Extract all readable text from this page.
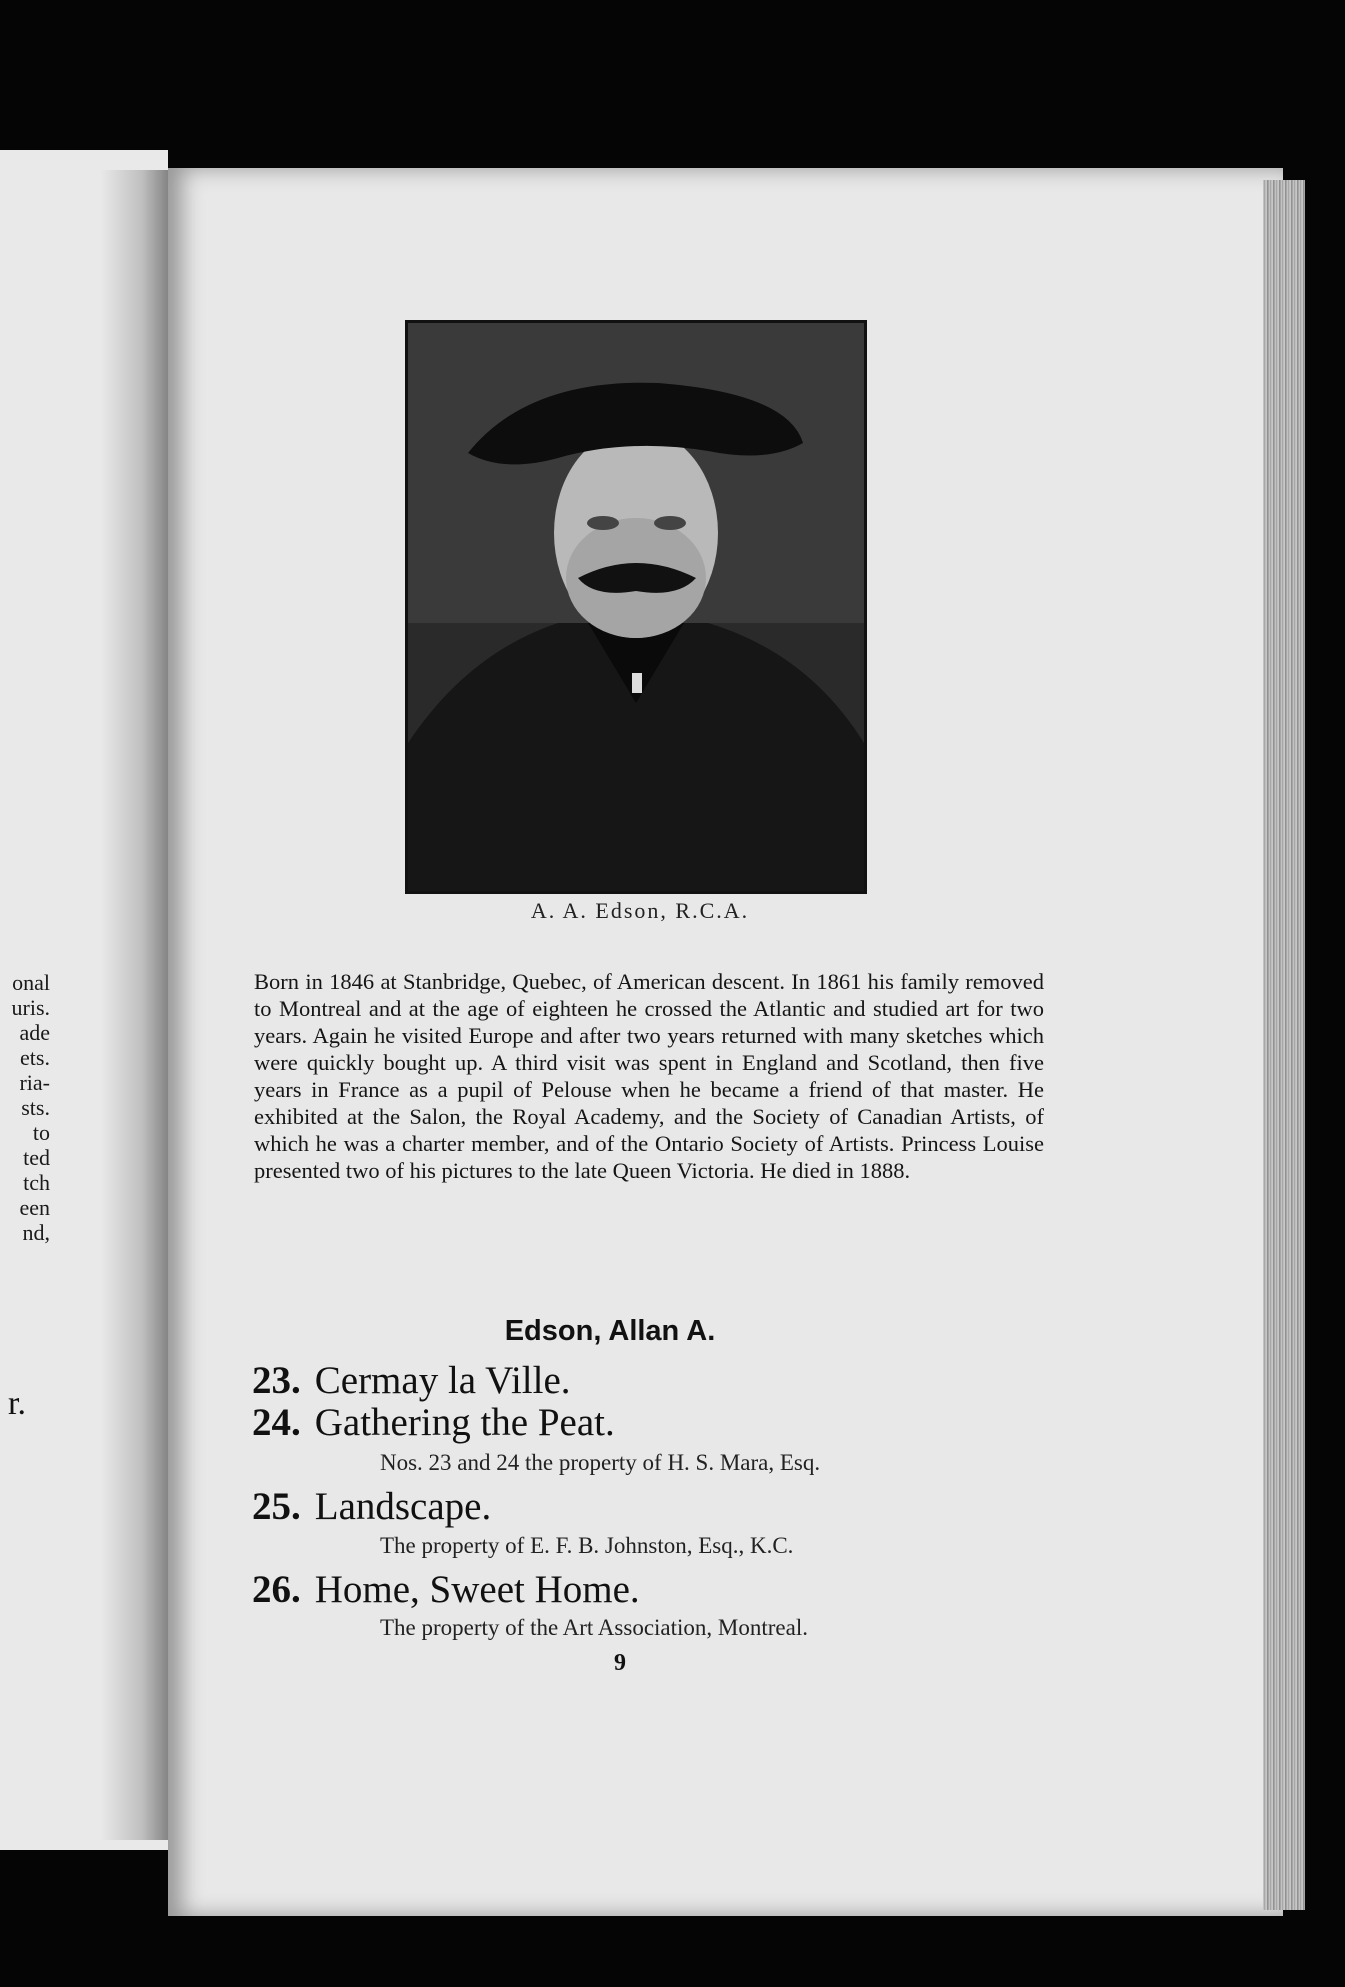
onal
uris.
ade
ets.
ria-
sts.
to
ted
tch
een
nd,
r.
A. A. Edson, R.C.A.
Born in 1846 at Stanbridge, Quebec, of American descent. In 1861 his family removed to Montreal and at the age of eighteen he crossed the Atlantic and studied art for two years. Again he visited Europe and after two years returned with many sketches which were quickly bought up. A third visit was spent in England and Scotland, then five years in France as a pupil of Pelouse when he became a friend of that master. He exhibited at the Salon, the Royal Academy, and the Society of Canadian Artists, of which he was a charter member, and of the Ontario Society of Artists. Princess Louise presented two of his pictures to the late Queen Victoria. He died in 1888.
Edson, Allan A.
23. Cermay la Ville.
24. Gathering the Peat.
Nos. 23 and 24 the property of H. S. Mara, Esq.
25. Landscape.
The property of E. F. B. Johnston, Esq., K.C.
26. Home, Sweet Home.
The property of the Art Association, Montreal.
9
